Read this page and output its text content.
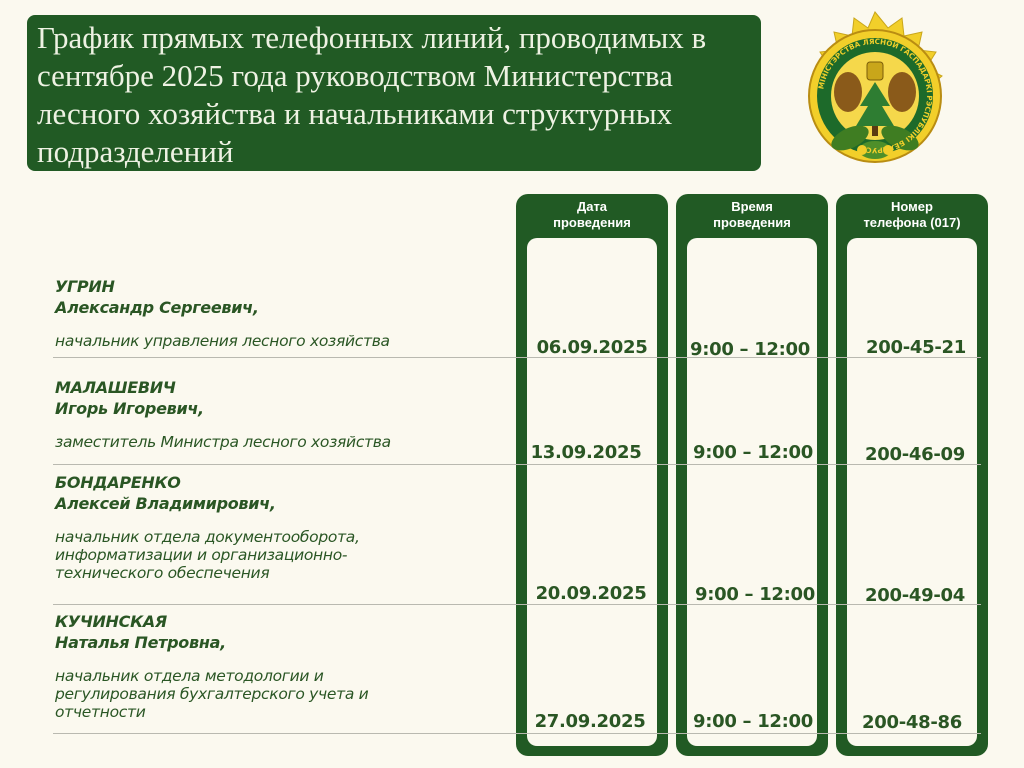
График прямых телефонных линий, проводимых в
сентябре 2025 года руководством Министерства
лесного хозяйства и начальниками структурных
подразделений
МІНІСТЭРСТВА ЛЯСНОЙ ГАСПАДАРКІ РЭСПУБЛІКІ БЕЛАРУСЬ
Дата
проведения
Время
проведения
Номер
телефона (017)
УГРИН
Александр Сергеевич,
начальник управления лесного хозяйства	06.09.2025	9:00 – 12:00	200-45-21
МАЛАШЕВИЧ
Игорь Игоревич,
заместитель Министра лесного хозяйства	13.09.2025	9:00 – 12:00	200-46-09
БОНДАРЕНКО
Алексей Владимирович,
начальник отдела документооборота,
информатизации и организационно-
технического обеспечения
20.09.2025	9:00 – 12:00	200-49-04
КУЧИНСКАЯ
Наталья Петровна,
начальник отдела методологии и
регулирования бухгалтерского учета и
отчетности	27.09.2025	9:00 – 12:00	200-48-86
